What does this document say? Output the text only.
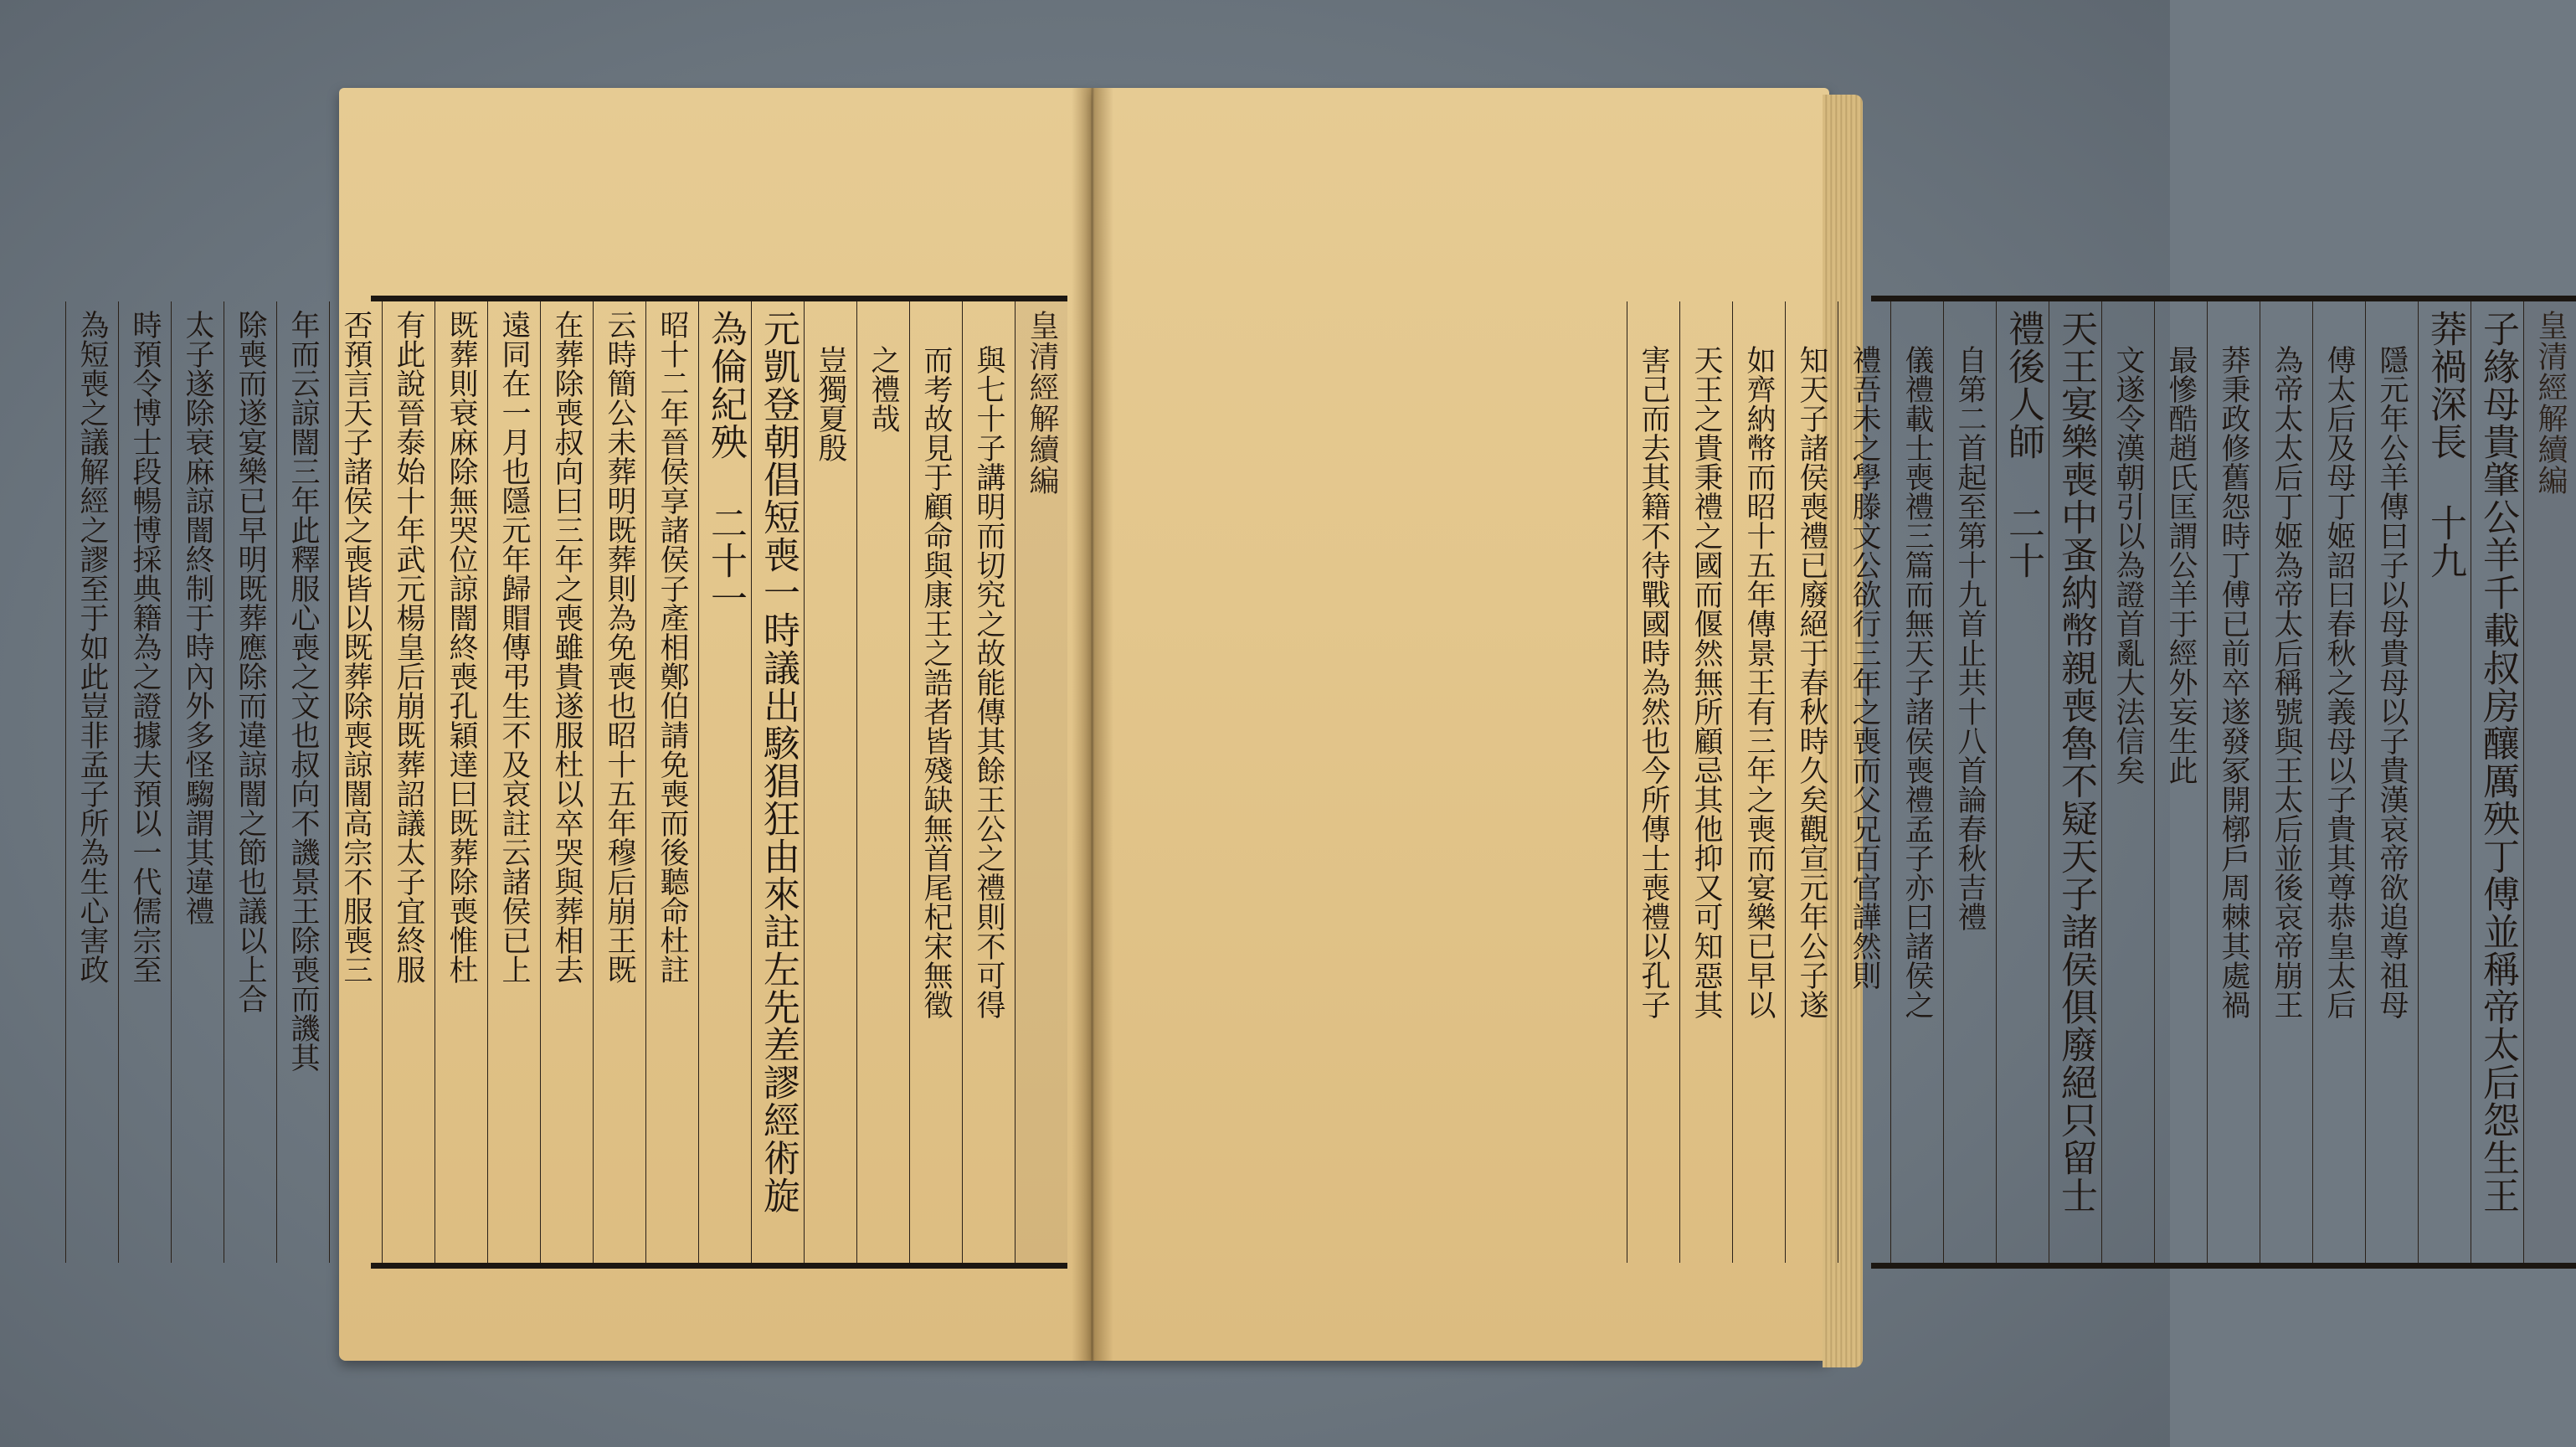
皇清經解續編
與七十子講明而切究之故能傳其餘王公之禮則不可得
而考故見于顧命與康王之誥者皆殘缺無首尾杞宋無徵
之禮哉
豈獨夏殷
元凱登朝倡短喪一時議出駭猖狂由來註左先差謬經術旋
為倫紀殃 二十一
昭十二年晉侯享諸侯子產相鄭伯請免喪而後聽命杜註
云時簡公未葬明既葬則為免喪也昭十五年穆后崩王既
在葬除喪叔向曰三年之喪雖貴遂服杜以卒哭與葬相去
遠同在一月也隱元年歸賵傳弔生不及哀註云諸侯已上
既葬則衰麻除無哭位諒闇終喪孔穎達曰既葬除喪惟杜
有此說晉泰始十年武元楊皇后崩既葬詔議太子宜終服
否預言天子諸侯之喪皆以既葬除喪諒闇高宗不服喪三
年而云諒闇三年此釋服心喪之文也叔向不譏景王除喪而譏其
除喪而遂宴樂已早明既葬應除而違諒闇之節也議以上合
太子遂除衰麻諒闇終制于時內外多怪騶謂其違禮
時預令博士段暢博採典籍為之證據夫預以一代儒宗至
為短喪之議解經之謬至于如此豈非孟子所為生心害政	皇清經解續編
子緣母貴肇公羊千載叔房釀厲殃丁傅並稱帝太后怨生王
莽禍深長 十九
隱元年公羊傳曰子以母貴母以子貴漢哀帝欲追尊祖母
傅太后及母丁姬詔曰春秋之義母以子貴其尊恭皇太后
為帝太太后丁姬為帝太后稱號與王太后並後哀帝崩王
莽秉政修舊怨時丁傅已前卒遂發冢開槨戶周棘其處禍
最慘酷趙氏匡謂公羊于經外妄生此
文遂令漢朝引以為證首亂大法信矣
天王宴樂喪中蚤納幣親喪魯不疑天子諸侯俱廢絕只留士
禮後人師 二十
自第二首起至第十九首止共十八首論春秋吉禮
儀禮載士喪禮三篇而無天子諸侯喪禮孟子亦曰諸侯之
禮吾未之學滕文公欲行三年之喪而父兄百官譁然則
知天子諸侯喪禮已廢絕于春秋時久矣觀宣元年公子遂
如齊納幣而昭十五年傳景王有三年之喪而宴樂已早以
天王之貴秉禮之國而偃然無所顧忌其他抑又可知惡其
害己而去其籍不待戰國時為然也今所傳士喪禮以孔子
